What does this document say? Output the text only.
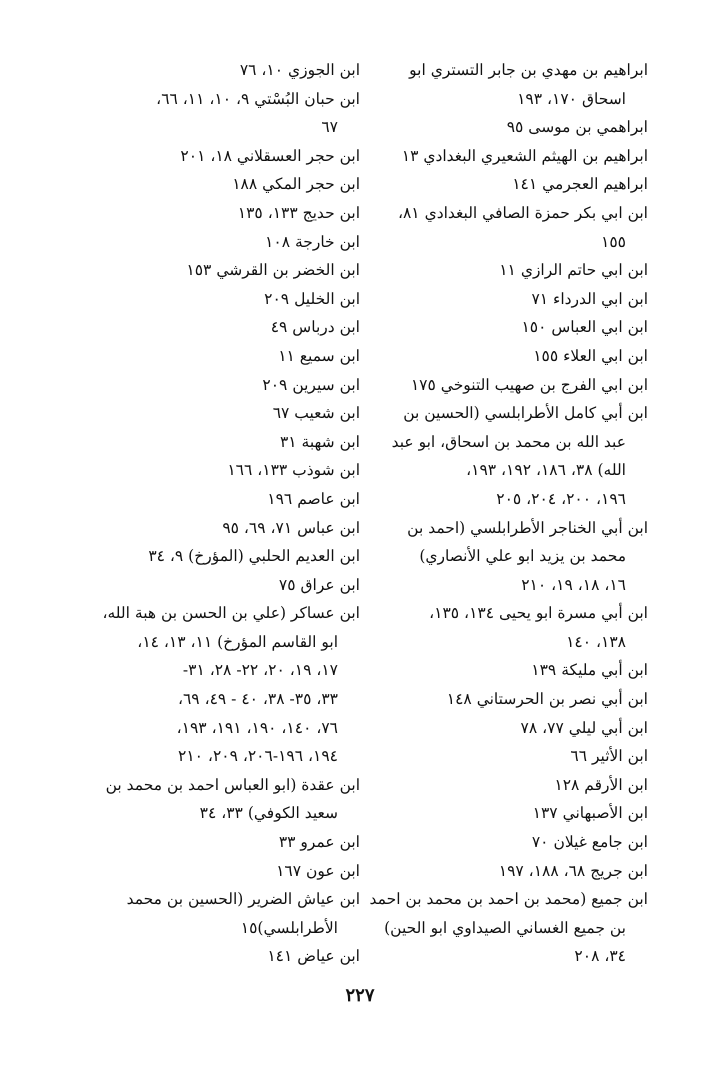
ابراهيم بن مهدي بن جابر التستري ابو
اسحاق ١٧٠، ١٩٣
ابراهمي بن موسى ٩٥
ابراهيم بن الهيثم الشعيري البغدادي ١٣
ابراهيم العجرمي ١٤١
ابن ابي بكر حمزة الصافي البغدادي ٨١،
١٥٥
ابن ابي حاتم الرازي ١١
ابن ابي الدرداء ٧١
ابن ابي العباس ١٥٠
ابن ابي العلاء ١٥٥
ابن ابي الفرج بن صهيب التنوخي ١٧٥
ابن أبي كامل الأطرابلسي (الحسين بن
عبد الله بن محمد بن اسحاق، ابو عبد
الله) ٣٨، ١٨٦، ١٩٢، ١٩٣،
١٩٦، ٢٠٠، ٢٠٤، ٢٠٥
ابن أبي الخناجر الأطرابلسي (احمد بن
محمد بن يزيد ابو علي الأنصاري)
١٦، ١٨، ١٩، ٢١٠
ابن أبي مسرة ابو يحيى ١٣٤، ١٣٥،
١٣٨، ١٤٠
ابن أبي مليكة ١٣٩
ابن أبي نصر بن الحرستاني ١٤٨
ابن أبي ليلي ٧٧، ٧٨
ابن الأثير ٦٦
ابن الأرقم ١٢٨
ابن الأصبهاني ١٣٧
ابن جامع غيلان ٧٠
ابن جريج ٦٨، ١٨٨، ١٩٧
ابن جميع (محمد بن احمد بن محمد بن احمد
بن جميع الغساني الصيداوي ابو الحين)
٣٤، ٢٠٨
ابن الجوزي ١٠، ٧٦
ابن حبان البُسْتي ٩، ١٠، ١١، ٦٦،
٦٧
ابن حجر العسقلاني ١٨، ٢٠١
ابن حجر المكي ١٨٨
ابن حديج ١٣٣، ١٣٥
ابن خارجة ١٠٨
ابن الخضر بن القرشي ١٥٣
ابن الخليل ٢٠٩
ابن درباس ٤٩
ابن سميع ١١
ابن سيرين ٢٠٩
ابن شعيب ٦٧
ابن شهبة ٣١
ابن شوذب ١٣٣، ١٦٦
ابن عاصم ١٩٦
ابن عباس ٧١، ٦٩، ٩٥
ابن العديم الحلبي (المؤرخ) ٩، ٣٤
ابن عراق ٧٥
ابن عساكر (علي بن الحسن بن هبة الله،
ابو القاسم المؤرخ) ١١، ١٣، ١٤،
١٧، ١٩، ٢٠، ٢٢- ٢٨، ٣١-
٣٣، ٣٥- ٣٨، ٤٠ - ٤٩، ٦٩،
٧٦، ١٤٠، ١٩٠، ١٩١، ١٩٣،
١٩٤، ١٩٦-٢٠٦، ٢٠٩، ٢١٠
ابن عقدة (ابو العباس احمد بن محمد بن
سعيد الكوفي) ٣٣، ٣٤
ابن عمرو ٣٣
ابن عون ١٦٧
ابن عياش الضرير (الحسين بن محمد
الأطرابلسي)١٥
ابن عياض ١٤١
٢٢٧
